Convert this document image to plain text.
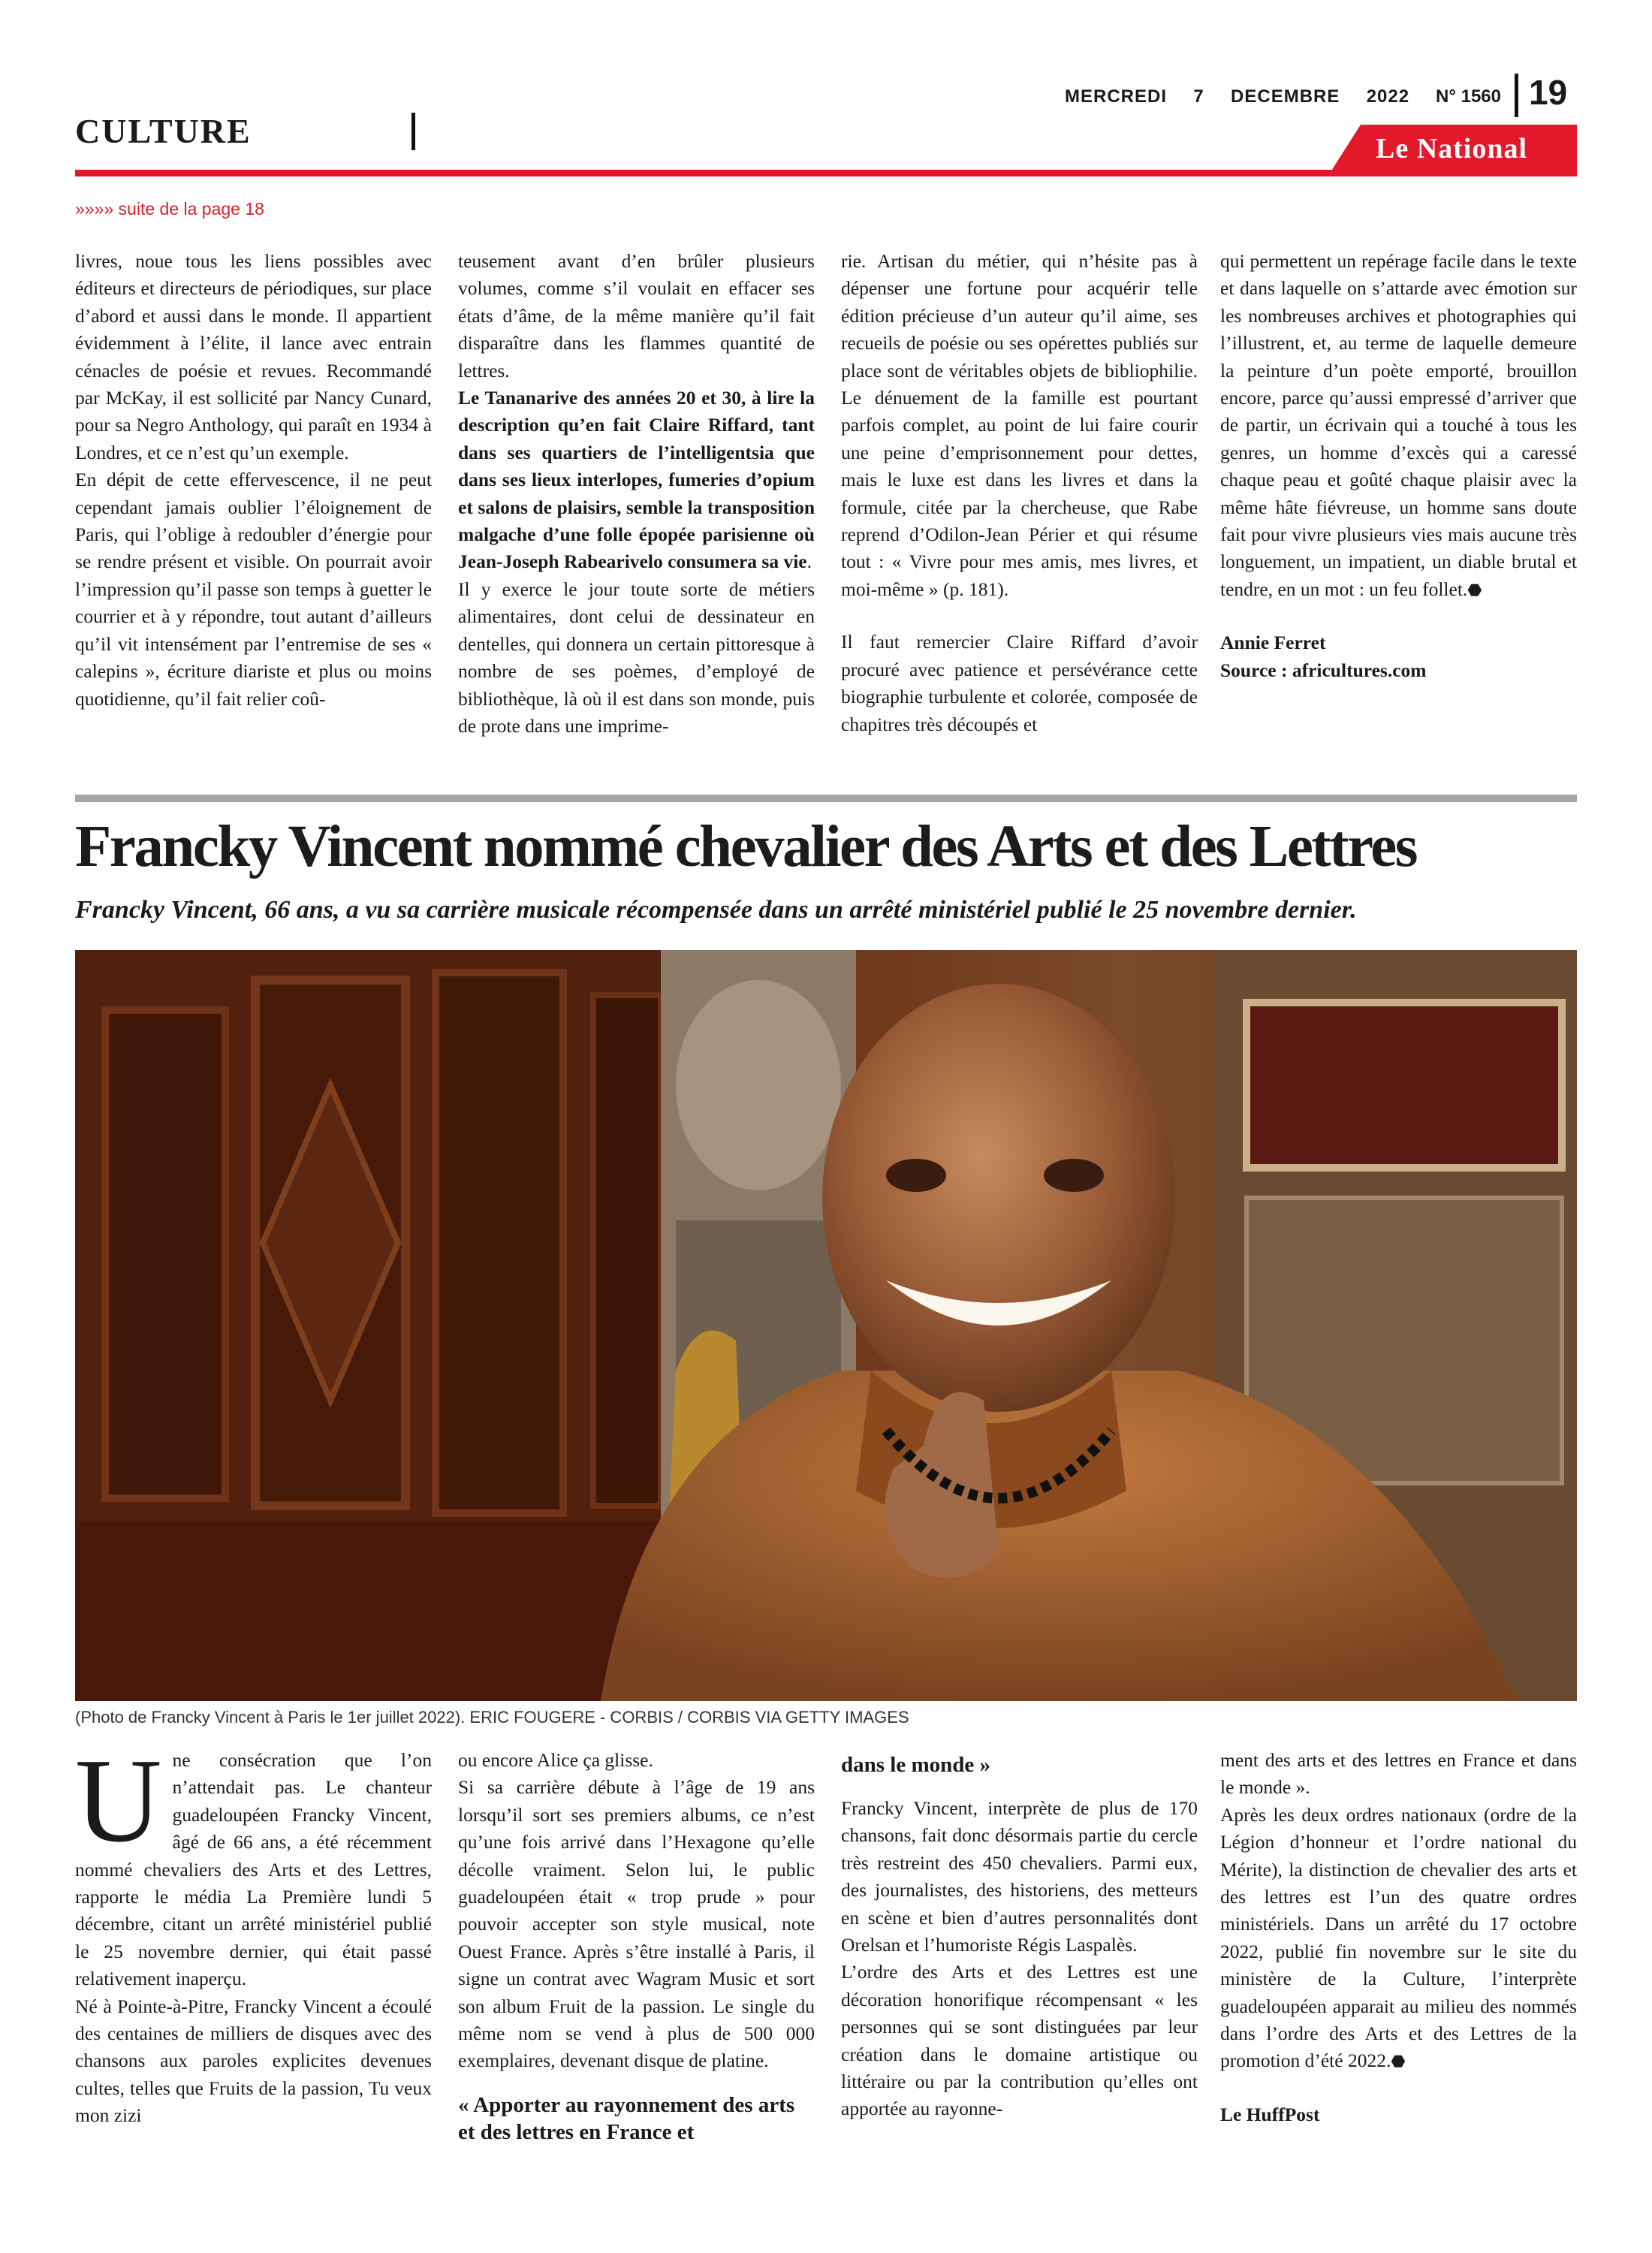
CULTURE
MERCREDI  7  DECEMBRE  2022 N° 1560 19
Le National
»»»» suite de la page 18

livres, noue tous les liens possibles avec éditeurs et directeurs de périodiques, sur place d’abord et aussi dans le monde. Il appartient évidemment à l’élite, il lance avec entrain cénacles de poésie et revues. Recommandé par McKay, il est sollicité par Nancy Cunard, pour sa Negro Anthology, qui paraît en 1934 à Londres, et ce n’est qu’un exemple.

En dépit de cette effervescence, il ne peut cependant jamais oublier l’éloignement de Paris, qui l’oblige à redoubler d’énergie pour se rendre présent et visible. On pourrait avoir l’impression qu’il passe son temps à guetter le courrier et à y répondre, tout autant d’ailleurs qu’il vit intensément par l’entremise de ses « calepins », écriture diariste et plus ou moins quotidienne, qu’il fait relier coû-

teusement avant d’en brûler plusieurs volumes, comme s’il voulait en effacer ses états d’âme, de la même manière qu’il fait disparaître dans les flammes quantité de lettres.

Le Tananarive des années 20 et 30, à lire la description qu’en fait Claire Riffard, tant dans ses quartiers de l’intelligentsia que dans ses lieux interlopes, fumeries d’opium et salons de plaisirs, semble la transposition malgache d’une folle épopée parisienne où Jean-Joseph Rabearivelo consumera sa vie.

Il y exerce le jour toute sorte de métiers alimentaires, dont celui de dessinateur en dentelles, qui donnera un certain pittoresque à nombre de ses poèmes, d’employé de bibliothèque, là où il est dans son monde, puis de prote dans une imprime-

rie. Artisan du métier, qui n’hésite pas à dépenser une fortune pour acquérir telle édition précieuse d’un auteur qu’il aime, ses recueils de poésie ou ses opérettes publiés sur place sont de véritables objets de bibliophilie. Le dénuement de la famille est pourtant parfois complet, au point de lui faire courir une peine d’emprisonnement pour dettes, mais le luxe est dans les livres et dans la formule, citée par la chercheuse, que Rabe reprend d’Odilon-Jean Périer et qui résume tout : « Vivre pour mes amis, mes livres, et moi-même » (p. 181).

Il faut remercier Claire Riffard d’avoir procuré avec patience et persévérance cette biographie turbulente et colorée, composée de chapitres très découpés et

qui permettent un repérage facile dans le texte et dans laquelle on s’attarde avec émotion sur les nombreuses archives et photographies qui l’illustrent, et, au terme de laquelle demeure la peinture d’un poète emporté, brouillon encore, parce qu’aussi empressé d’arriver que de partir, un écrivain qui a touché à tous les genres, un homme d’excès qui a caressé chaque peau et goûté chaque plaisir avec la même hâte fiévreuse, un homme sans doute fait pour vivre plusieurs vies mais aucune très longuement, un impatient, un diable brutal et tendre, en un mot : un feu follet.⬣

Annie Ferret

Source : africultures.com

Francky Vincent nommé chevalier des Arts et des Lettres
Francky Vincent, 66 ans, a vu sa carrière musicale récompensée dans un arrêté ministériel publié le 25 novembre dernier.
(Photo de Francky Vincent à Paris le 1er juillet 2022). ERIC FOUGERE - CORBIS / CORBIS VIA GETTY IMAGES

Une consécration que l’on n’attendait pas. Le chanteur guadeloupéen Francky Vincent, âgé de 66 ans, a été récemment nommé chevaliers des Arts et des Lettres, rapporte le média La Première lundi 5 décembre, citant un arrêté ministériel publié le 25 novembre dernier, qui était passé relativement inaperçu.

Né à Pointe-à-Pitre, Francky Vincent a écoulé des centaines de milliers de disques avec des chansons aux paroles explicites devenues cultes, telles que Fruits de la passion, Tu veux mon zizi

ou encore Alice ça glisse.

Si sa carrière débute à l’âge de 19 ans lorsqu’il sort ses premiers albums, ce n’est qu’une fois arrivé dans l’Hexagone qu’elle décolle vraiment. Selon lui, le public guadeloupéen était « trop prude » pour pouvoir accepter son style musical, note Ouest France. Après s’être installé à Paris, il signe un contrat avec Wagram Music et sort son album Fruit de la passion. Le single du même nom se vend à plus de 500 000 exemplaires, devenant disque de platine.

« Apporter au rayonnement des arts et des lettres en France et

dans le monde »

Francky Vincent, interprète de plus de 170 chansons, fait donc désormais partie du cercle très restreint des 450 chevaliers. Parmi eux, des journalistes, des historiens, des metteurs en scène et bien d’autres personnalités dont Orelsan et l’humoriste Régis Laspalès.

L’ordre des Arts et des Lettres est une décoration honorifique récompensant « les personnes qui se sont distinguées par leur création dans le domaine artistique ou littéraire ou par la contribution qu’elles ont apportée au rayonne-

ment des arts et des lettres en France et dans le monde ».

Après les deux ordres nationaux (ordre de la Légion d’honneur et l’ordre national du Mérite), la distinction de chevalier des arts et des lettres est l’un des quatre ordres ministériels. Dans un arrêté du 17 octobre 2022, publié fin novembre sur le site du ministère de la Culture, l’interprète guadeloupéen apparait au milieu des nommés dans l’ordre des Arts et des Lettres de la promotion d’été 2022.⬣

Le HuffPost
